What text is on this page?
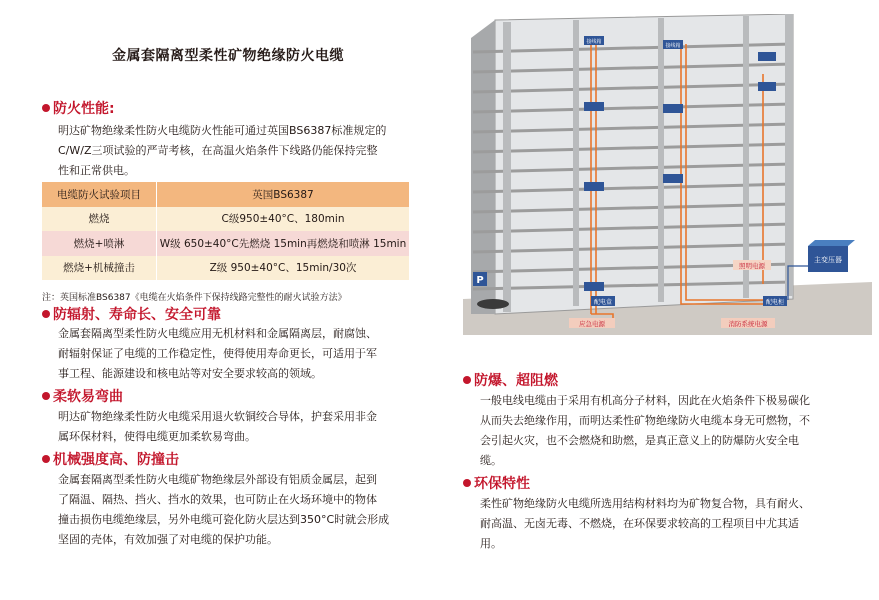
金属套隔离型柔性矿物绝缘防火电缆
防火性能:
明达矿物绝缘柔性防火电缆防火性能可通过英国BS6387标准规定的
C/W/Z三项试验的严苛考核，在高温火焰条件下线路仍能保持完整
性和正常供电。
电缆防火试验项目	英国BS6387
燃烧	C级950±40°C、180min
燃烧+喷淋	W级 650±40°C先燃烧 15min再燃烧和喷淋 15min
燃烧+机械撞击	Z级 950±40°C、15min/30次
注：英国标准BS6387《电缆在火焰条件下保持线路完整性的耐火试验方法》
防辐射、寿命长、安全可靠
金属套隔离型柔性防火电缆应用无机材料和金属隔离层，耐腐蚀、
耐辐射保证了电缆的工作稳定性，使得使用寿命更长，可适用于军
事工程、能源建设和核电站等对安全要求较高的领域。
柔软易弯曲
明达矿物绝缘柔性防火电缆采用退火软铜绞合导体，护套采用非金
属环保材料，使得电缆更加柔软易弯曲。
机械强度高、防撞击
金属套隔离型柔性防火电缆矿物绝缘层外部设有铝质金属层，起到
了隔温、隔热、挡火、挡水的效果，也可防止在火场环境中的物体
撞击损伤电缆绝缘层，另外电缆可瓷化防火层达到350°C时就会形成
坚固的壳体，有效加强了对电缆的保护功能。
防爆、超阻燃
一般电线电缆由于采用有机高分子材料，因此在火焰条件下极易碳化
从而失去绝缘作用，而明达柔性矿物绝缘防火电缆本身无可燃物，不
会引起火灾，也不会燃烧和助燃，是真正意义上的防爆防火安全电
缆。
环保特性
柔性矿物绝缘防火电缆所选用结构材料均为矿物复合物，具有耐火、
耐高温、无卤无毒、不燃烧，在环保要求较高的工程项目中尤其适
用。
接线箱
接线箱
P
主变压器
照明电源
配电柜
配电盒
应急电源	消防系统电源
